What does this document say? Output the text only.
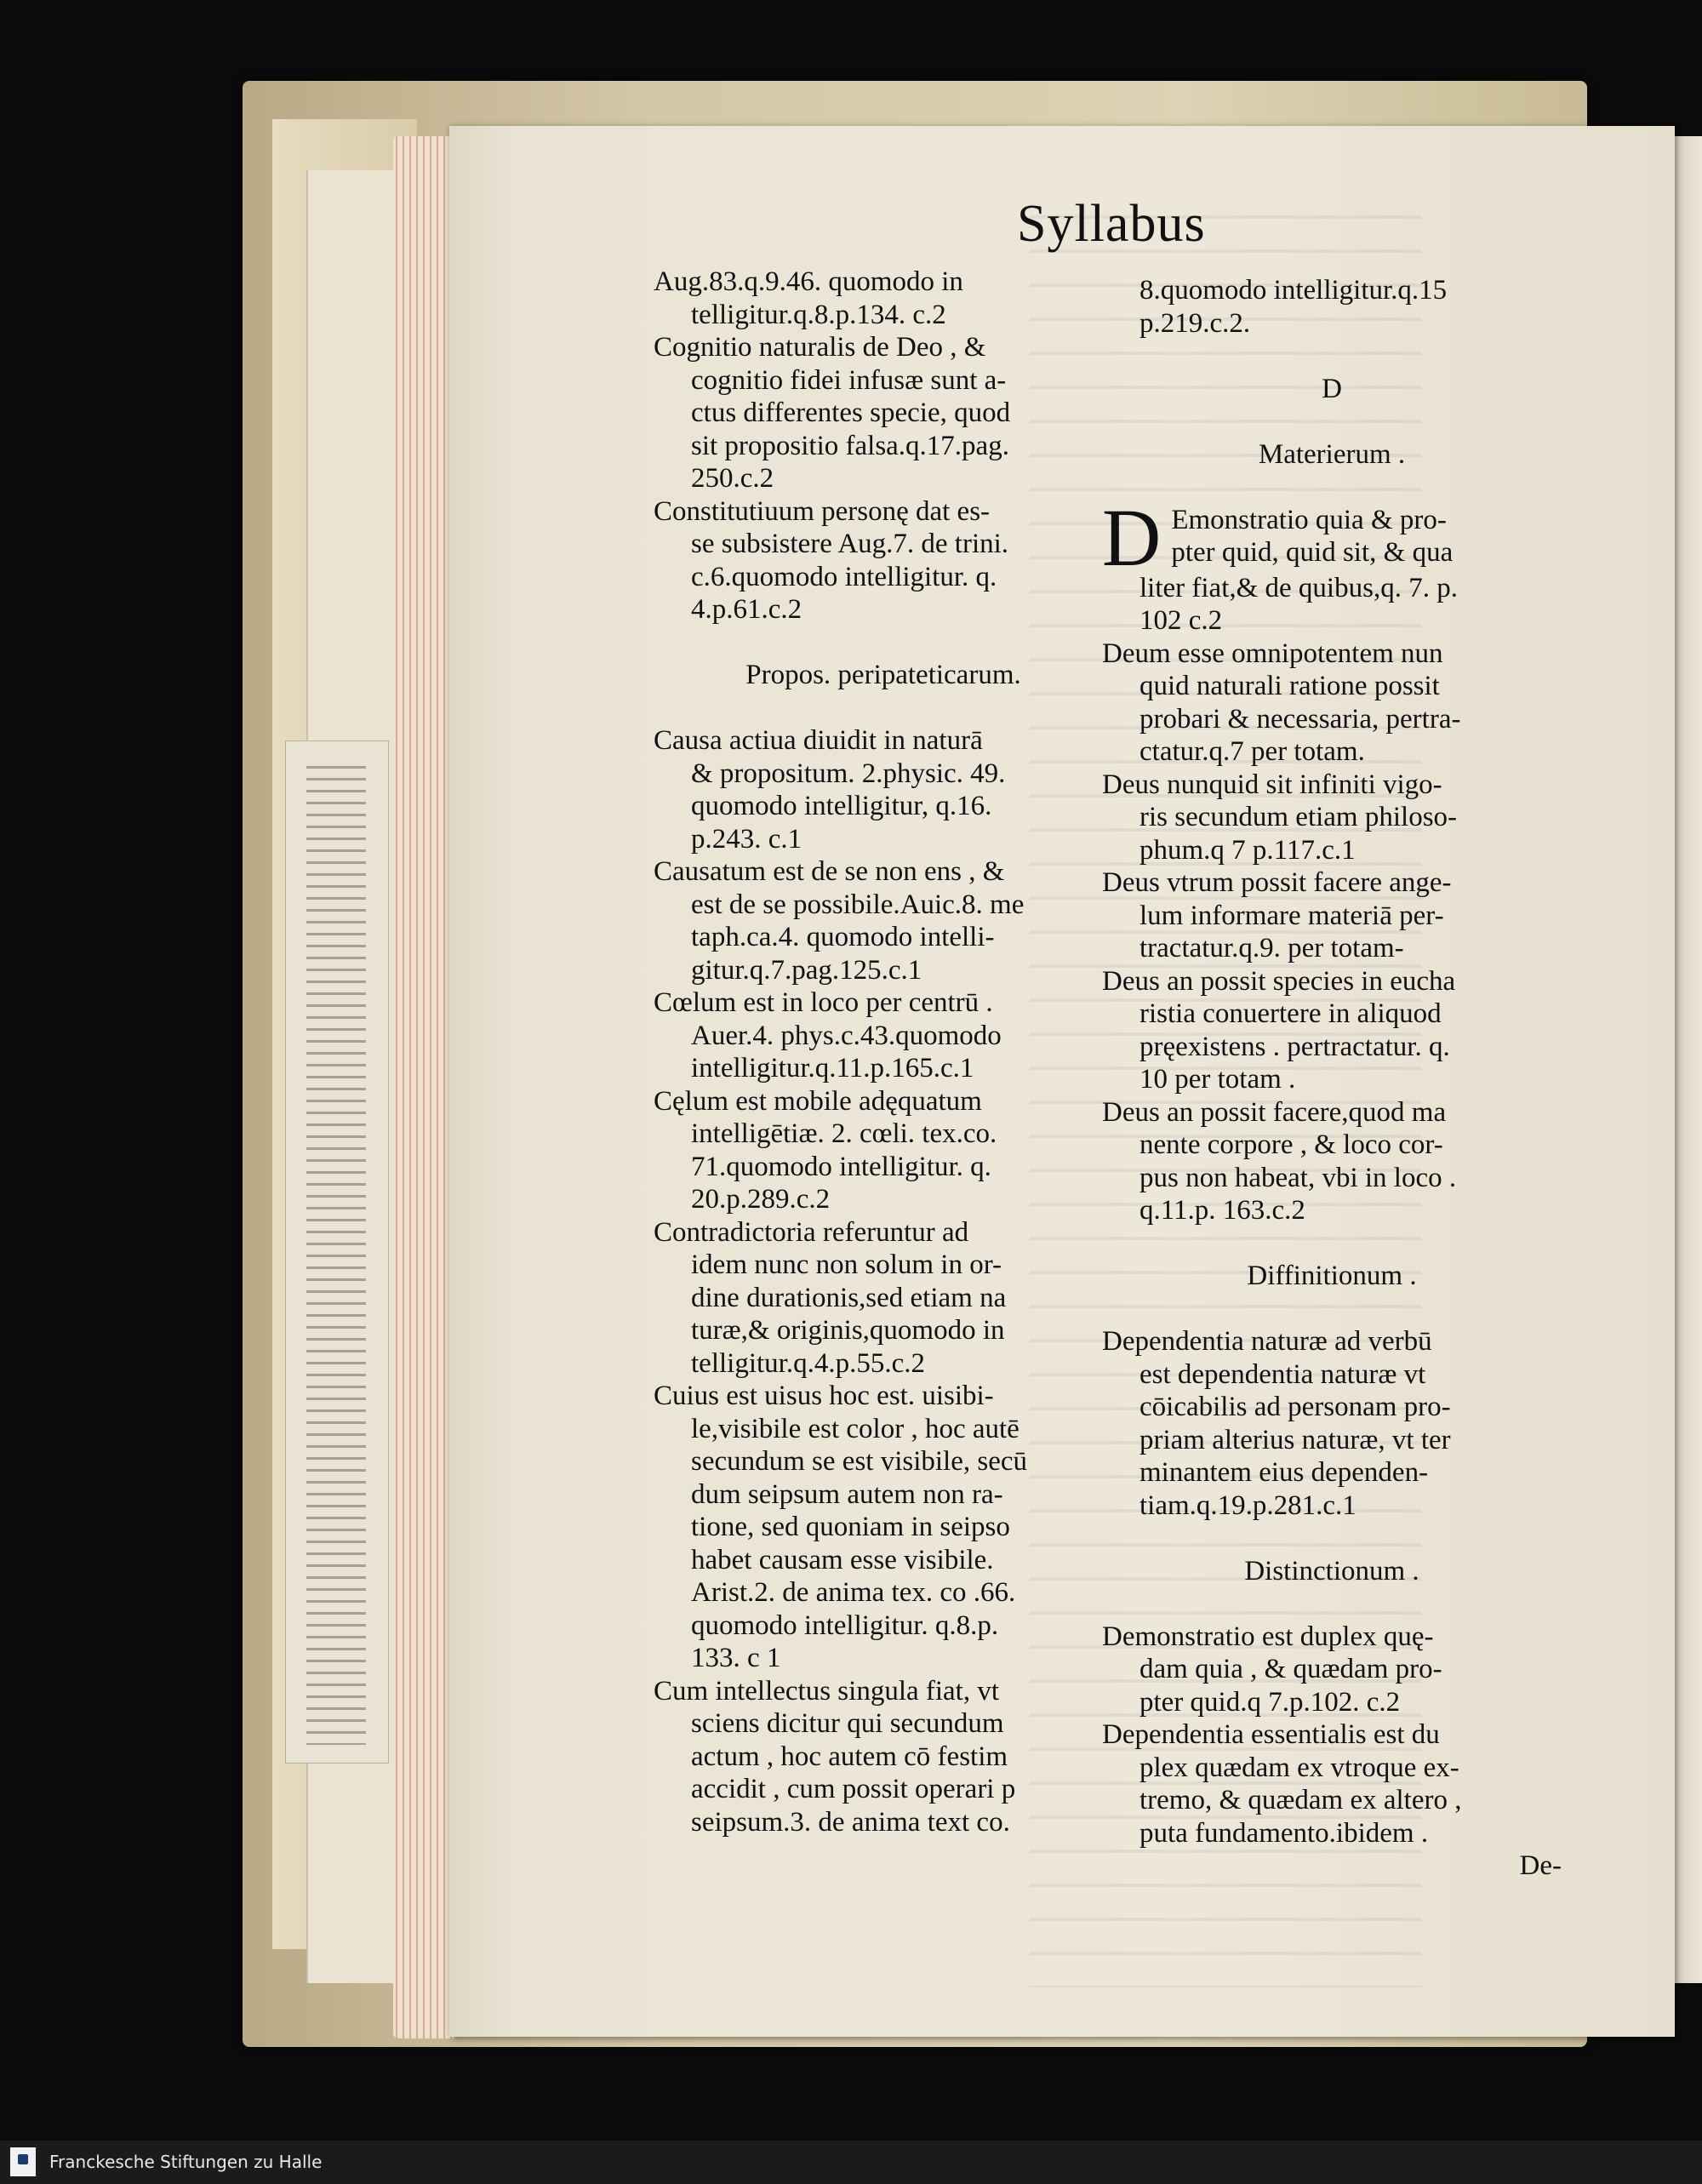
Syllabus
Aug.83.q.9.46. quomodo in
telligitur.q.8.p.134. c.2
Cognitio naturalis de Deo , &
cognitio fidei infusæ sunt a-
ctus differentes specie, quod
sit propositio falsa.q.17.pag.
250.c.2
Constitutiuum personę dat es-
se subsistere Aug.7. de trini.
c.6.quomodo intelligitur. q.
4.p.61.c.2

Propos. peripateticarum.

Causa actiua diuidit in naturā
& propositum. 2.physic. 49.
quomodo intelligitur, q.16.
p.243. c.1
Causatum est de se non ens , &
est de se possibile.Auic.8. me
taph.ca.4. quomodo intelli-
gitur.q.7.pag.125.c.1
Cœlum est in loco per centrū .
Auer.4. phys.c.43.quomodo
intelligitur.q.11.p.165.c.1
Cęlum est mobile adęquatum
intelligētiæ. 2. cœli. tex.co.
71.quomodo intelligitur. q.
20.p.289.c.2
Contradictoria referuntur ad
idem nunc non solum in or-
dine durationis,sed etiam na
turæ,& originis,quomodo in
telligitur.q.4.p.55.c.2
Cuius est uisus hoc est. uisibi-
le,visibile est color , hoc autē
secundum se est visibile, secū
dum seipsum autem non ra-
tione, sed quoniam in seipso
habet causam esse visibile.
Arist.2. de anima tex. co .66.
quomodo intelligitur. q.8.p.
133. c 1
Cum intellectus singula fiat, vt
sciens dicitur qui secundum
actum , hoc autem cō festim
accidit , cum possit operari p
seipsum.3. de anima text co.
8.quomodo intelligitur.q.15
p.219.c.2.

D

Materierum .

D Emonstratio quia & pro-
pter quid, quid sit, & qua
liter fiat,& de quibus,q. 7. p.
102 c.2
Deum esse omnipotentem nun
quid naturali ratione possit
probari & necessaria, pertra-
ctatur.q.7 per totam.
Deus nunquid sit infiniti vigo-
ris secundum etiam philoso-
phum.q 7 p.117.c.1
Deus vtrum possit facere ange-
lum informare materiā per-
tractatur.q.9. per totam-
Deus an possit species in eucha
ristia conuertere in aliquod
pręexistens . pertractatur. q.
10 per totam .
Deus an possit facere,quod ma
nente corpore , & loco cor-
pus non habeat, vbi in loco .
q.11.p. 163.c.2

Diffinitionum .

Dependentia naturæ ad verbū
est dependentia naturæ vt
cōicabilis ad personam pro-
priam alterius naturæ, vt ter
minantem eius dependen-
tiam.q.19.p.281.c.1

Distinctionum .

Demonstratio est duplex quę-
dam quia , & quædam pro-
pter quid.q 7.p.102. c.2
Dependentia essentialis est du
plex quædam ex vtroque ex-
tremo, & quædam ex altero ,
puta fundamento.ibidem .
De-
Franckesche Stiftungen zu Halle
